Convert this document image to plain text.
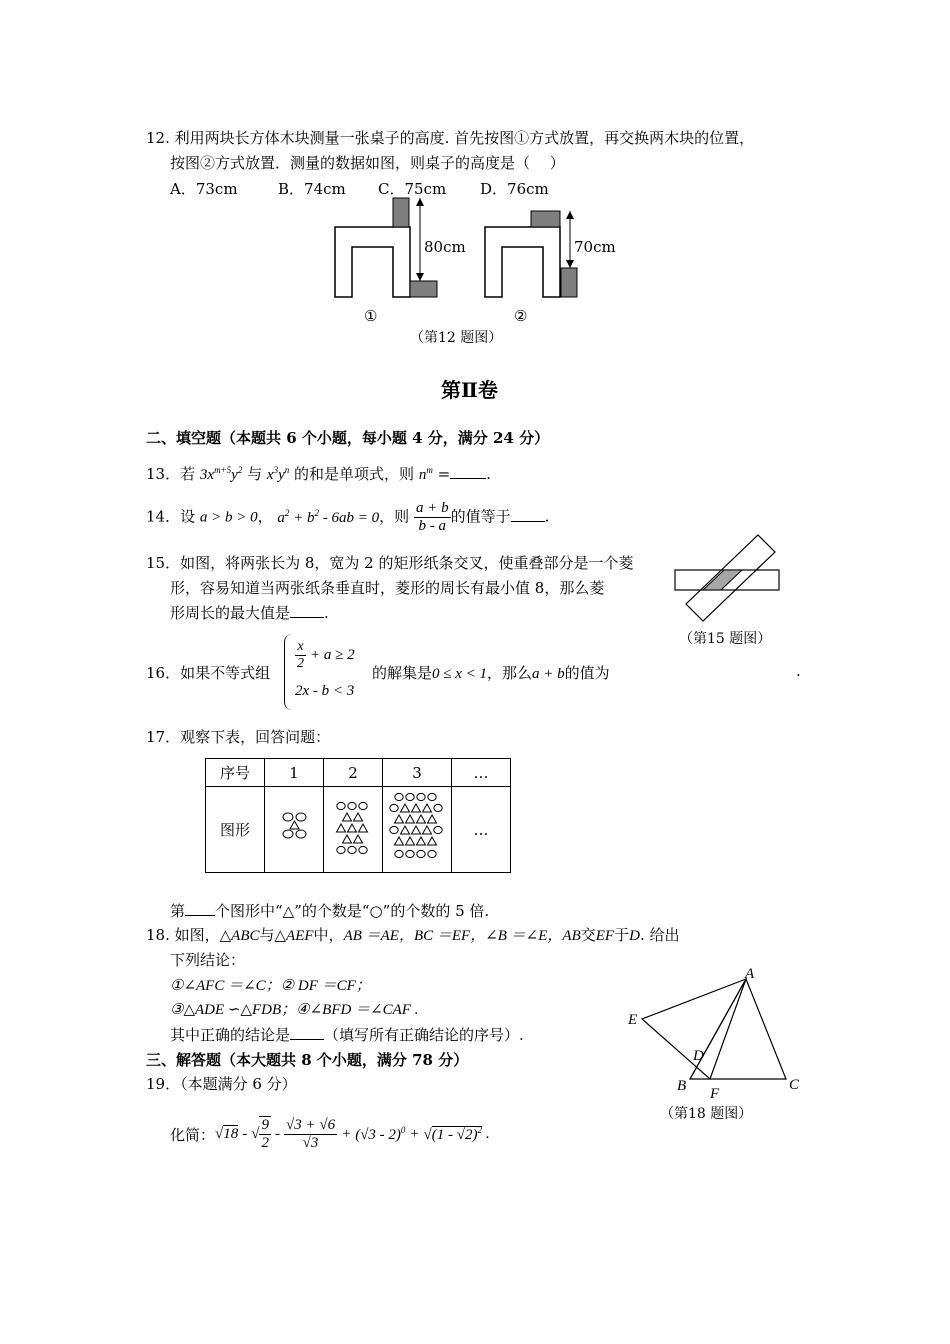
12. 利用两块长方体木块测量一张桌子的高度. 首先按图①方式放置，再交换两木块的位置，
按图②方式放置．测量的数据如图，则桌子的高度是（　 ）
A．73cm	B．74cm C．75cm D．76cm
80cm	70cm
①	②
（第12 题图）
第Ⅱ卷
二、填空题（本题共 6 个小题，每小题 4 分，满分 24 分）
13．若 $3x^{m+5}y^2$ 与 $x^3y^n$ 的和是单项式，则 $n^m$ = .
14．设 a > b > 0， $a^2 + b^2 - 6ab = 0$，则 $\frac{a + b}{b - a}$ 的值等于 .
15．如图，将两张长为 8，宽为 2 的矩形纸条交叉，使重叠部分是一个菱
形，容易知道当两张纸条垂直时，菱形的周长有最小值 8，那么菱
形周长的最大值是 .
（第15 题图）
16．如果不等式组
$\frac{x}{2} + a \ge 2$
2x - b < 3
的解集是0 ≤ x < 1，那么a + b的值为	.
17．观察下表，回答问题：
序号	1	2	3	…
图形				…
第 个图形中“△”的个数是“○”的个数的 5 倍.
18. 如图，△ABC与△AEF中，AB ＝AE，BC ＝EF，∠B ＝∠E，AB交EF于D. 给出
下列结论：
①∠AFC ＝∠C；② DF ＝CF；
③△ADE ∽△FDB；④∠BFD ＝∠CAF .
其中正确的结论是 （填写所有正确结论的序号）.
A
E
D
B F
C
（第18 题图）
三、解答题（本大题共 8 个小题，满分 78 分）
19．（本题满分 6 分）
化简： √18 - √ $\frac{9}{2} - \frac{√3 + √6}{√3} + (√3 - 2)^0 + √(1 - √2)^2$ .
